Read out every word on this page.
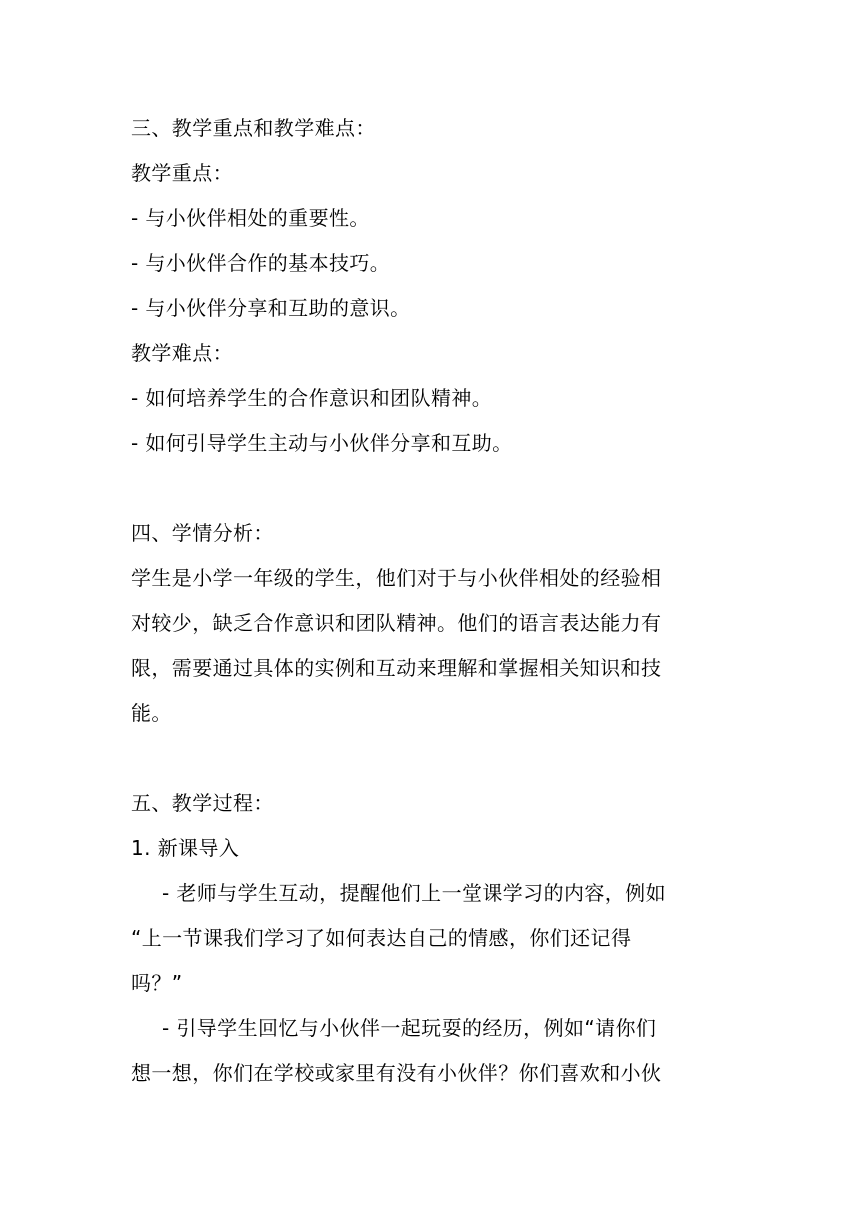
三、教学重点和教学难点：
教学重点：
- 与小伙伴相处的重要性。
- 与小伙伴合作的基本技巧。
- 与小伙伴分享和互助的意识。
教学难点：
- 如何培养学生的合作意识和团队精神。
- 如何引导学生主动与小伙伴分享和互助。
四、学情分析：
学生是小学一年级的学生，他们对于与小伙伴相处的经验相
对较少，缺乏合作意识和团队精神。他们的语言表达能力有
限，需要通过具体的实例和互动来理解和掌握相关知识和技
能。
五、教学过程：
1. 新课导入
- 老师与学生互动，提醒他们上一堂课学习的内容，例如
“上一节课我们学习了如何表达自己的情感，你们还记得
吗？”
- 引导学生回忆与小伙伴一起玩耍的经历，例如“请你们
想一想，你们在学校或家里有没有小伙伴？你们喜欢和小伙
